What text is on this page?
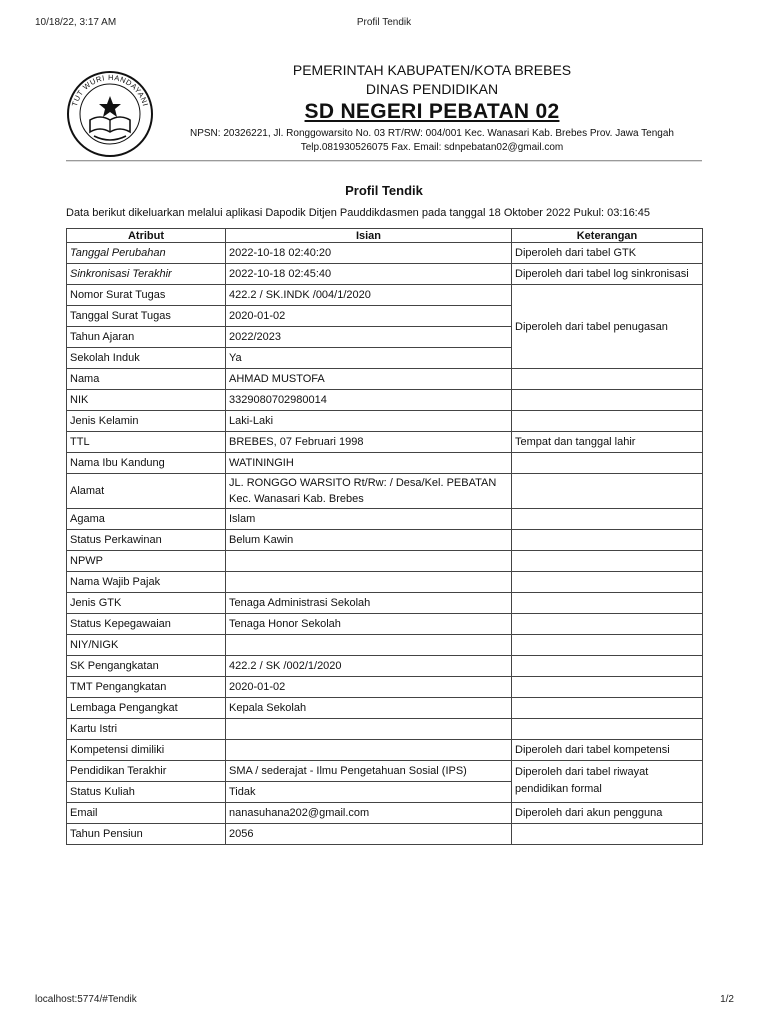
10/18/22, 3:17 AM	Profil Tendik
TUT WURI HANDAYANI
PEMERINTAH KABUPATEN/KOTA BREBES
DINAS PENDIDIKAN
SD NEGERI PEBATAN 02
NPSN: 20326221, Jl. Ronggowarsito No. 03 RT/RW: 004/001 Kec. Wanasari Kab. Brebes Prov. Jawa Tengah
Telp.081930526075 Fax. Email: sdnpebatan02@gmail.com
Profil Tendik
Data berikut dikeluarkan melalui aplikasi Dapodik Ditjen Pauddikdasmen pada tanggal 18 Oktober 2022 Pukul: 03:16:45
Atribut	Isian	Keterangan
Tanggal Perubahan	2022-10-18 02:40:20	Diperoleh dari tabel GTK
Sinkronisasi Terakhir	2022-10-18 02:45:40	Diperoleh dari tabel log sinkronisasi
Nomor Surat Tugas	422.2 / SK.INDK /004/1/2020	Diperoleh dari tabel penugasan
Tanggal Surat Tugas	2020-01-02	
Tahun Ajaran	2022/2023	
Sekolah Induk	Ya	
Nama	AHMAD MUSTOFA	
NIK	3329080702980014	
Jenis Kelamin	Laki-Laki	
TTL	BREBES, 07 Februari 1998	Tempat dan tanggal lahir
Nama Ibu Kandung	WATININGIH	
Alamat	JL. RONGGO WARSITO Rt/Rw: / Desa/Kel. PEBATAN Kec. Wanasari Kab. Brebes	
Agama	Islam	
Status Perkawinan	Belum Kawin	
NPWP		
Nama Wajib Pajak		
Jenis GTK	Tenaga Administrasi Sekolah	
Status Kepegawaian	Tenaga Honor Sekolah	
NIY/NIGK		
SK Pengangkatan	422.2 / SK /002/1/2020	
TMT Pengangkatan	2020-01-02	
Lembaga Pengangkat	Kepala Sekolah	
Kartu Istri		
Kompetensi dimiliki		Diperoleh dari tabel kompetensi
Pendidikan Terakhir	SMA / sederajat - Ilmu Pengetahuan Sosial (IPS)	Diperoleh dari tabel riwayat pendidikan formal
Status Kuliah	Tidak	
Email	nanasuhana202@gmail.com	Diperoleh dari akun pengguna
Tahun Pensiun	2056	
localhost:5774/#Tendik	1/2
